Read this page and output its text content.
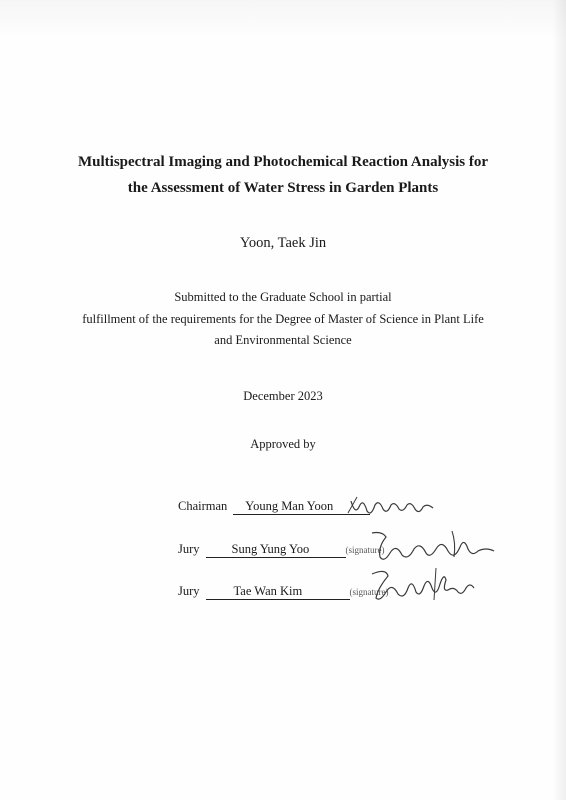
Multispectral Imaging and Photochemical Reaction Analysis for
the Assessment of Water Stress in Garden Plants
Yoon, Taek Jin
Submitted to the Graduate School in partial
fulfillment of the requirements for the Degree of Master of Science in Plant Life
and Environmental Science
December 2023
Approved by
Chairman Young Man Yoon
Jury	Sung Yung Yoo	(signature)
Jury	Tae Wan Kim	(signature)
